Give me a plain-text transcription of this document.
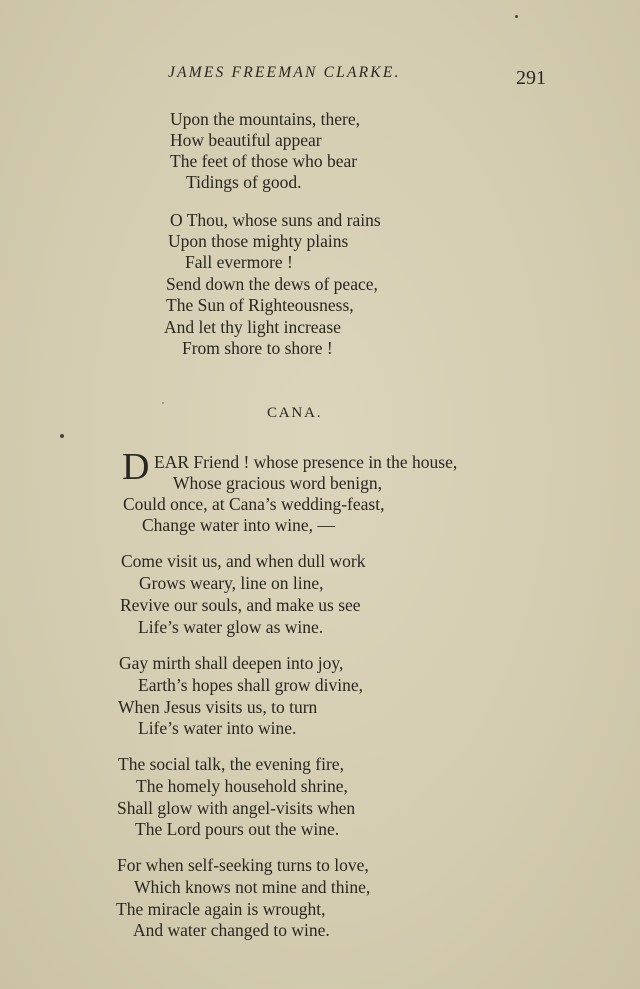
JAMES FREEMAN CLARKE.	291
Upon the mountains, there,
How beautiful appear
The feet of those who bear
Tidings of good.
O Thou, whose suns and rains
Upon those mighty plains
Fall evermore !
Send down the dews of peace,
The Sun of Righteousness,
And let thy light increase
From shore to shore !
CANA.
D EAR Friend ! whose presence in the house,
Whose gracious word benign,
Could once, at Cana’s wedding-feast,
Change water into wine, —
Come visit us, and when dull work
Grows weary, line on line,
Revive our souls, and make us see
Life’s water glow as wine.
Gay mirth shall deepen into joy,
Earth’s hopes shall grow divine,
When Jesus visits us, to turn
Life’s water into wine.
The social talk, the evening fire,
The homely household shrine,
Shall glow with angel-visits when
The Lord pours out the wine.
For when self-seeking turns to love,
Which knows not mine and thine,
The miracle again is wrought,
And water changed to wine.
